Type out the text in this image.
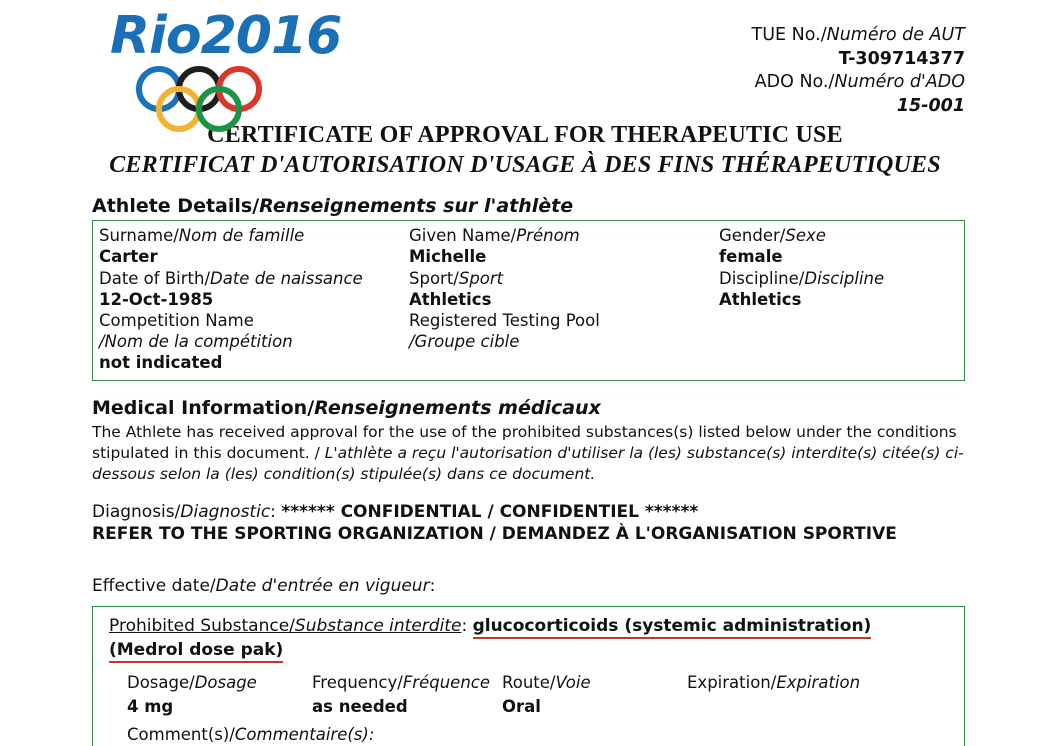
Rio2016	TUE No./Numéro de AUT
T-309714377
ADO No./Numéro d'ADO
15-001
CERTIFICATE OF APPROVAL FOR THERAPEUTIC USE
CERTIFICAT D'AUTORISATION D'USAGE À DES FINS THÉRAPEUTIQUES
Athlete Details/Renseignements sur l'athlète
Surname/Nom de famille
Carter
Given Name/Prénom
Michelle
Gender/Sexe
female
Date of Birth/Date de naissance
12-Oct-1985
Sport/Sport
Athletics
Discipline/Discipline
Athletics
Competition Name
/Nom de la compétition
not indicated
Registered Testing Pool
/Groupe cible
Medical Information/Renseignements médicaux
The Athlete has received approval for the use of the prohibited substances(s) listed below under the conditions stipulated in this document. / L'athlète a reçu l'autorisation d'utiliser la (les) substance(s) interdite(s) citée(s) ci-dessous selon la (les) condition(s) stipulée(s) dans ce document.
Diagnosis/Diagnostic: ****** CONFIDENTIAL / CONFIDENTIEL ******
REFER TO THE SPORTING ORGANIZATION / DEMANDEZ À L'ORGANISATION SPORTIVE
Effective date/Date d'entrée en vigueur:
Prohibited Substance/Substance interdite: glucocorticoids (systemic administration)
(Medrol dose pak)
Dosage/Dosage
4 mg
Frequency/Fréquence
as needed
Route/Voie
Oral
Expiration/Expiration
Comment(s)/Commentaire(s):
